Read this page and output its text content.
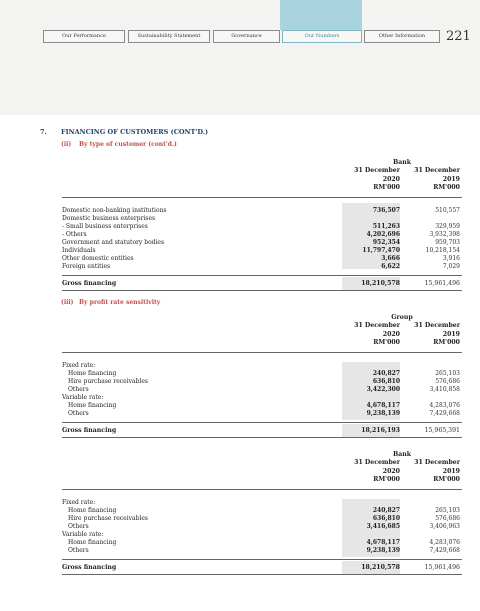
Our Performance	Sustainability Statement	Governance	Our Numbers	Other Information	221
7. FINANCING OF CUSTOMERS (CONT'D.)
(ii) By type of customer (cont'd.)
Bank
31 December
2020
RM'000
31 December
2019
RM'000
Domestic non-banking institutions	736,507	510,557
Domestic business enterprises
- Small business enterprises	511,263	329,959
- Others	4,202,696	3,932,398
Government and statutory bodies	952,354	959,703
Individuals	11,797,470	10,218,154
Other domestic entities	3,666	3,916
Foreign entities	6,622	7,029
Gross financing	18,210,578	15,961,496
(iii) By profit rate sensitivity
Group
31 December
2020
RM'000
31 December
2019
RM'000
Fixed rate:
Home financing	240,827	265,103
Hire purchase receivables	636,810	576,686
Others	3,422,300	3,410,858
Variable rate:
Home financing	4,678,117	4,283,076
Others	9,238,139	7,429,668
Gross financing	18,216,193	15,965,391
Bank
31 December
2020
RM'000
31 December
2019
RM'000
Fixed rate:
Home financing	240,827	265,103
Hire purchase receivables	636,810	576,686
Others	3,416,685	3,406,963
Variable rate:
Home financing	4,678,117	4,283,076
Others	9,238,139	7,429,668
Gross financing	18,210,578	15,961,496
